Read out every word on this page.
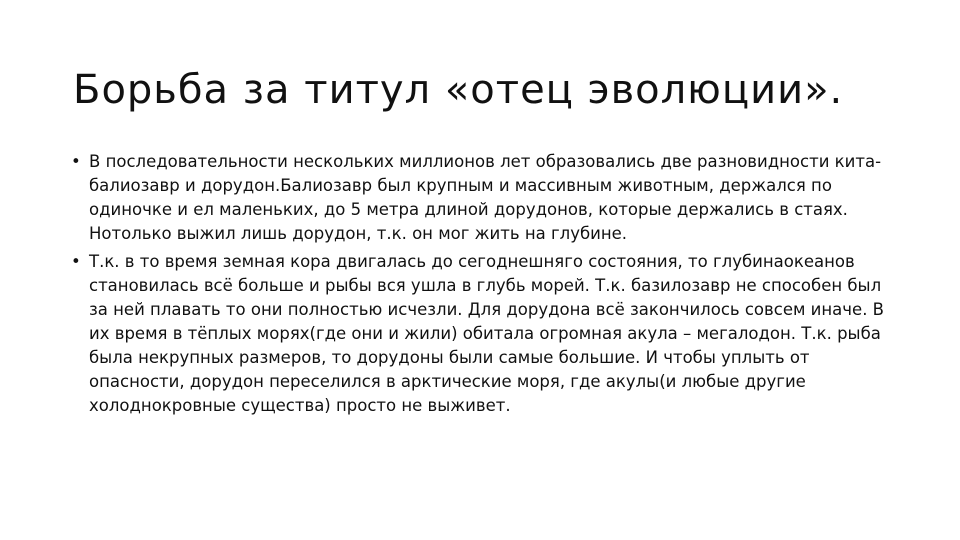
Борьба за титул «отец эволюции».
• В последовательности нескольких миллионов лет образовались две разновидности кита- балиозавр и дорудон.Балиозавр был крупным и массивным животным, держался по одиночке и ел маленьких, до 5 метра длиной дорудонов, которые держались в стаях. Нотолько выжил лишь дорудон, т.к. он мог жить на глубине.
• Т.к. в то время земная кора двигалась до сегоднешняго состояния, то глубинаокеанов становилась всё больше и рыбы вся ушла в глубь морей. Т.к. базилозавр не способен был за ней плавать то они полностью исчезли. Для дорудона всё закончилось совсем иначе. В их время в тёплых морях(где они и жили) обитала огромная акула – мегалодон. Т.к. рыба была некрупных размеров, то дорудоны были самые большие. И чтобы уплыть от опасности, дорудон переселился в арктические моря, где акулы(и любые другие холоднокровные существа) просто не выживет.
